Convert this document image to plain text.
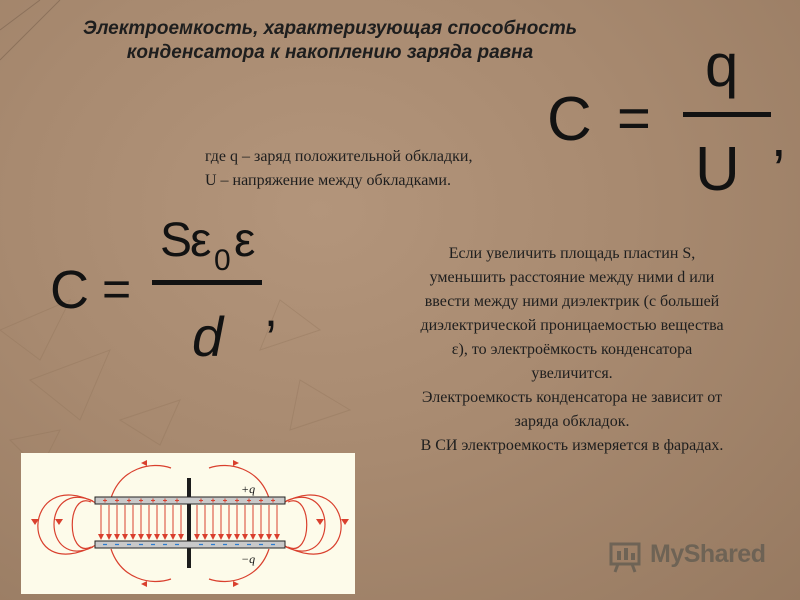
Электроемкость, характеризующая способность
конденсатора к накоплению заряда равна
C =
q
U ,
где q – заряд положительной обкладки,
U – напряжение между обкладками.
C =
S
ε 0 ε
d ,
Если увеличить площадь пластин S,
уменьшить расстояние между ними d или
ввести между ними диэлектрик (с большей
диэлектрической проницаемостью вещества
ε), то электроёмкость конденсатора
увеличится.
Электроемкость конденсатора не зависит от
заряда обкладок.
В СИ электроемкость измеряется в фарадах.
+q
−q	MyShared
